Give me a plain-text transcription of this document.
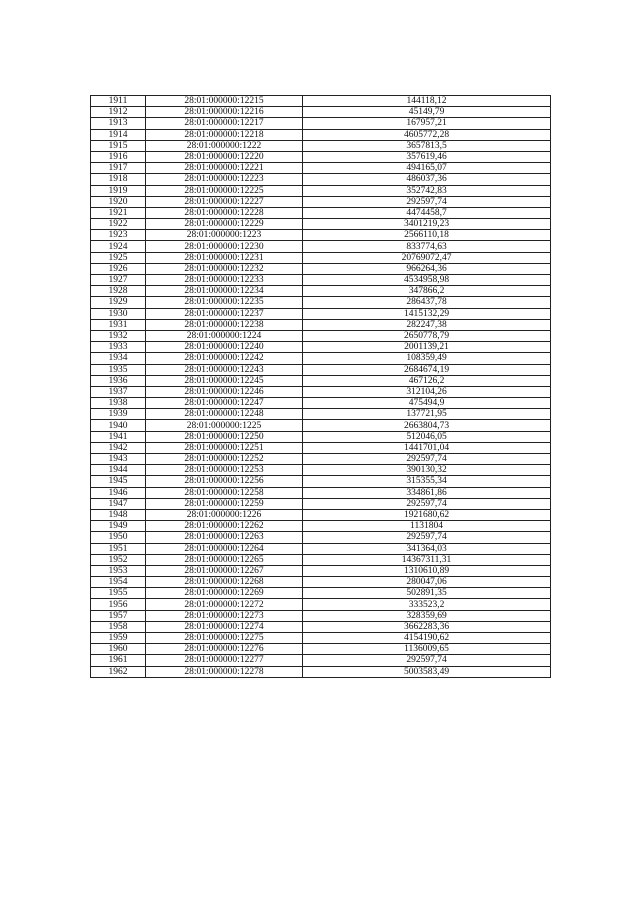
1911	28:01:000000:12215	144118,12
1912	28:01:000000:12216	45149,79
1913	28:01:000000:12217	167957,21
1914	28:01:000000:12218	4605772,28
1915	28:01:000000:1222	3657813,5
1916	28:01:000000:12220	357619,46
1917	28:01:000000:12221	494165,07
1918	28:01:000000:12223	486037,36
1919	28:01:000000:12225	352742,83
1920	28:01:000000:12227	292597,74
1921	28:01:000000:12228	4474458,7
1922	28:01:000000:12229	3401219,23
1923	28:01:000000:1223	2566110,18
1924	28:01:000000:12230	833774,63
1925	28:01:000000:12231	20769072,47
1926	28:01:000000:12232	966264,36
1927	28:01:000000:12233	4534958,98
1928	28:01:000000:12234	347866,2
1929	28:01:000000:12235	286437,78
1930	28:01:000000:12237	1415132,29
1931	28:01:000000:12238	282247,38
1932	28:01:000000:1224	2650778,79
1933	28:01:000000:12240	2001139,21
1934	28:01:000000:12242	108359,49
1935	28:01:000000:12243	2684674,19
1936	28:01:000000:12245	467126,2
1937	28:01:000000:12246	312104,26
1938	28:01:000000:12247	475494,9
1939	28:01:000000:12248	137721,95
1940	28:01:000000:1225	2663804,73
1941	28:01:000000:12250	512046,05
1942	28:01:000000:12251	1441701,04
1943	28:01:000000:12252	292597,74
1944	28:01:000000:12253	390130,32
1945	28:01:000000:12256	315355,34
1946	28:01:000000:12258	334861,86
1947	28:01:000000:12259	292597,74
1948	28:01:000000:1226	1921680,62
1949	28:01:000000:12262	1131804
1950	28:01:000000:12263	292597,74
1951	28:01:000000:12264	341364,03
1952	28:01:000000:12265	14367311,31
1953	28:01:000000:12267	1310610,89
1954	28:01:000000:12268	280047,06
1955	28:01:000000:12269	502891,35
1956	28:01:000000:12272	333523,2
1957	28:01:000000:12273	328359,69
1958	28:01:000000:12274	3662283,36
1959	28:01:000000:12275	4154190,62
1960	28:01:000000:12276	1136009,65
1961	28:01:000000:12277	292597,74
1962	28:01:000000:12278	5003583,49
